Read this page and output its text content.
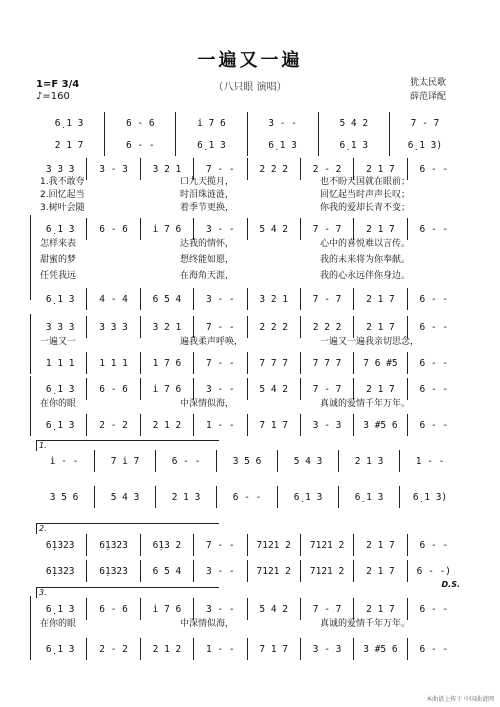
一遍又一遍
（八只眼 演唱）	犹太民歌
薛范译配
1=F 3/4
♪=160
6̣ 1 3	6 - 6	i 7 6	3 - -	5 4 2	7 - 7
2 1 7	6 - -	6̣ 1 3	6̣ 1 3	6̣ 1 3	6̣ 1 3)
3 3 3	3 - 3	3 2 1	7 - -	2 2 2	2 - 2	2 1 7	6 - -
6̣ 1 3	6 - 6	i 7 6	3 - -	5 4 2	7 - 7	2 1 7	6 - -
6̣ 1 3	4 - 4	6 5 4	3 - -	3 2 1	7 - 7	2 1 7	6 - -
3 3 3	3 3 3	3 2 1	7 - -	2 2 2	2 2 2	2 1 7	6 - -
1 1 1	1 1 1	1 7 6	7 - -	7 7 7	7 7 7	7 6 #5	6 - -
6̣ 1 3	6 - 6	i 7 6	3 - -	5 4 2	7 - 7	2 1 7	6 - -
6̣ 1 3	2 - 2	2 1 2	1 - -	7 1 7	3 - 3	3 #5 6	6 - -
i - -	7 i 7	6 - -	3 5 6	5 4 3	2 1 3	1 - -
3 5 6	5 4 3	2 1 3	6 - -	6̣ 1 3	6̣ 1 3	6̣ 1 3)
6̣1323	6̣1323	6̣13 2	7 - -	7121 2	7121 2	2 1 7	6 - -
6̣1323	6̣1323	6 5 4	3 - -	7121 2	7121 2	2 1 7	6 - -)
6̣ 1 3	6 - 6	i 7 6	3 - -	5 4 2	7 - 7	2 1 7	6 - -
6̣ 1 3	2 - 2	2 1 2	1 - -	7 1 7	3 - 3	3 #5 6	6 - -
1.我不敢夸	口九天揽月，	也不盼天国就在眼前；
2.回忆起当	时泪珠涟涟，	回忆起当时声声长叹；
3.树叶会随	着季节更换，	你我的爱却长青不变；
怎样来表	达我的情怀，	心中的喜悦难以言传。
甜蜜的梦	想终能如愿，	我的未来将为你奉献。
任凭我远	在海角天涯，	我的心永远伴你身边。
一遍又一	遍我柔声呼唤，	一遍又一遍我亲切思念，
在你的眼	中深情似海，	真诚的爱情千年万年。
在你的眼	中深情似海，	真诚的爱情千年万年。
1.
2.
3.
D.S.
本曲谱上传于 中国曲谱网
